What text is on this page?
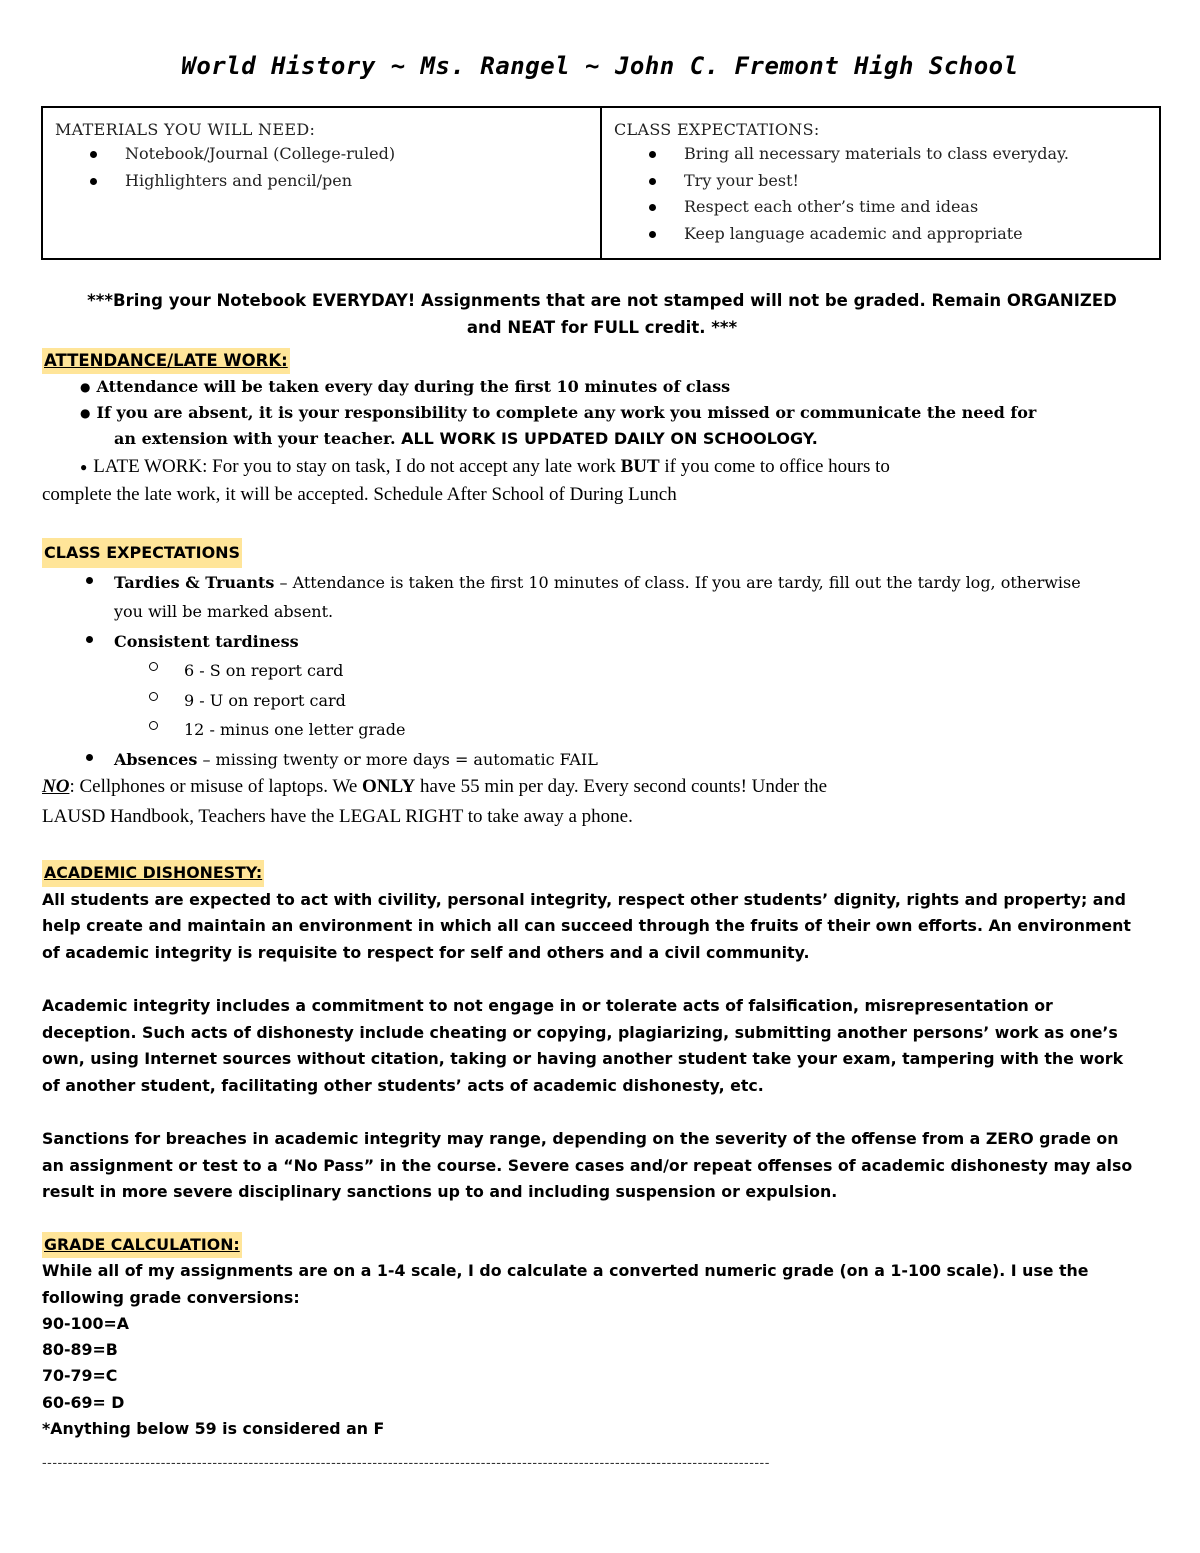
World History ~ Ms. Rangel ~ John C. Fremont High School
MATERIALS YOU WILL NEED:
Notebook/Journal (College-ruled)
Highlighters and pencil/pen
CLASS EXPECTATIONS:
Bring all necessary materials to class everyday.
Try your best!
Respect each other’s time and ideas
Keep language academic and appropriate
***Bring your Notebook EVERYDAY! Assignments that are not stamped will not be graded. Remain ORGANIZED
and NEAT for FULL credit. ***
ATTENDANCE/LATE WORK:
● Attendance will be taken every day during the first 10 minutes of class
● If you are absent, it is your responsibility to complete any work you missed or communicate the need for
an extension with your teacher. ALL WORK IS UPDATED DAILY ON SCHOOLOGY.
● LATE WORK: For you to stay on task, I do not accept any late work BUT if you come to office hours to
complete the late work, it will be accepted. Schedule After School of During Lunch
CLASS EXPECTATIONS
Tardies & Truants – Attendance is taken the first 10 minutes of class. If you are tardy, fill out the tardy log, otherwise
you will be marked absent.
Consistent tardiness
6 - S on report card
9 - U on report card
12 - minus one letter grade
Absences – missing twenty or more days = automatic FAIL
NO: Cellphones or misuse of laptops. We ONLY have 55 min per day. Every second counts! Under the
LAUSD Handbook, Teachers have the LEGAL RIGHT to take away a phone.
ACADEMIC DISHONESTY:
All students are expected to act with civility, personal integrity, respect other students’ dignity, rights and property; and
help create and maintain an environment in which all can succeed through the fruits of their own efforts. An environment
of academic integrity is requisite to respect for self and others and a civil community.
Academic integrity includes a commitment to not engage in or tolerate acts of falsification, misrepresentation or
deception. Such acts of dishonesty include cheating or copying, plagiarizing, submitting another persons’ work as one’s
own, using Internet sources without citation, taking or having another student take your exam, tampering with the work
of another student, facilitating other students’ acts of academic dishonesty, etc.
Sanctions for breaches in academic integrity may range, depending on the severity of the offense from a ZERO grade on
an assignment or test to a “No Pass” in the course. Severe cases and/or repeat offenses of academic dishonesty may also
result in more severe disciplinary sanctions up to and including suspension or expulsion.
GRADE CALCULATION:
While all of my assignments are on a 1-4 scale, I do calculate a converted numeric grade (on a 1-100 scale). I use the
following grade conversions:
90-100=A
80-89=B
70-79=C
60-69= D
*Anything below 59 is considered an F
---------------------------------------------------------------------------------------------------------------------------------------------
